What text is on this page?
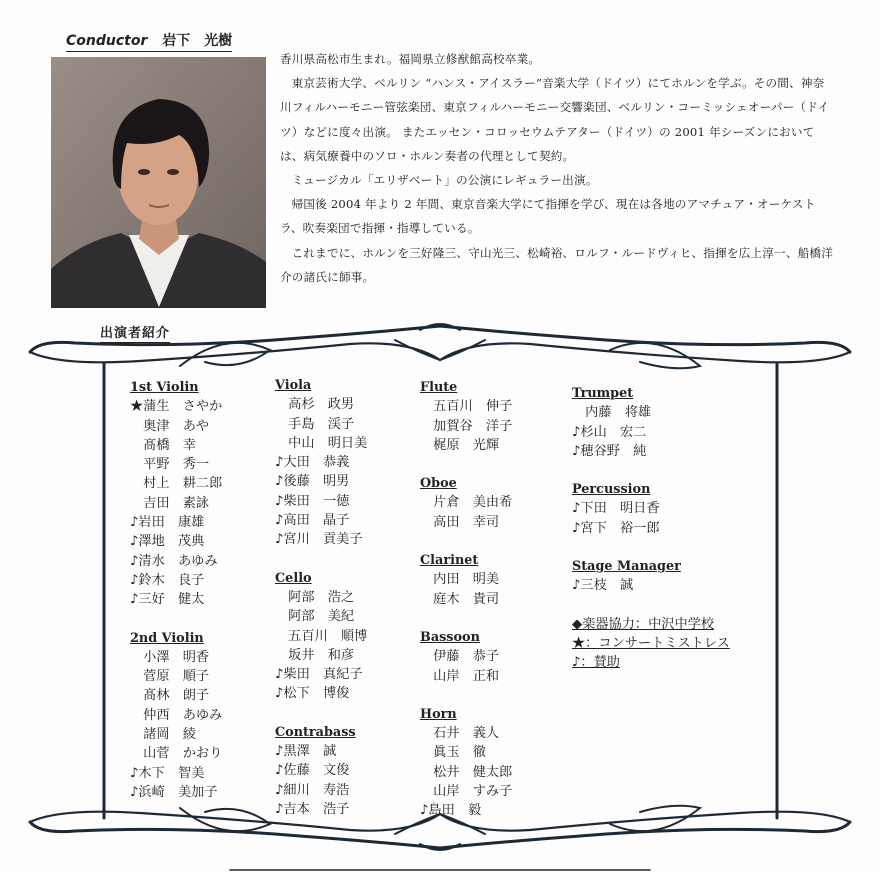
Conductor 岩下　光樹

香川県高松市生まれ。福岡県立修猷館高校卒業。

東京芸術大学、ベルリン “ハンス・アイスラー”音楽大学（ドイツ）にてホルンを学ぶ。その間、神奈川フィルハーモニー管弦楽団、東京フィルハーモニー交響楽団、ベルリン・コーミッシェオーパー（ドイツ）などに度々出演。 またエッセン・コロッセウムテアター（ドイツ）の 2001 年シーズンにおいては、病気療養中のソロ・ホルン奏者の代理として契約。

ミュージカル「エリザベート」の公演にレギュラー出演。

帰国後 2004 年より 2 年間、東京音楽大学にて指揮を学び、現在は各地のアマチュア・オーケストラ、吹奏楽団で指揮・指導している。

これまでに、ホルンを三好隆三、守山光三、松崎裕、ロルフ・ルードヴィヒ、指揮を広上淳一、船橋洋介の諸氏に師事。

出演者紹介
1st Violin
★蒲生　さやか
　奥津　あや
　髙橋　幸
　平野　秀一
　村上　耕二郎
　吉田　素詠
♪岩田　康雄
♪澤地　茂典
♪清水　あゆみ
♪鈴木　良子
♪三好　健太
2nd Violin
　小澤　明香
　菅原　順子
　髙林　朗子
　仲西　あゆみ
　諸岡　綾
　山菅　かおり
♪木下　智美
♪浜崎　美加子
Viola
　高杉　政男
　手島　渓子
　中山　明日美
♪大田　恭義
♪後藤　明男
♪柴田　一徳
♪高田　晶子
♪宮川　貢美子
Cello
　阿部　浩之
　阿部　美紀
　五百川　順博
　坂井　和彦
♪柴田　真紀子
♪松下　博俊
Contrabass
♪黒澤　誠
♪佐藤　文俊
♪細川　寿浩
♪吉本　浩子
Flute
　五百川　伸子
　加賀谷　洋子
　梶原　光輝
Oboe
　片倉　美由希
　高田　幸司
Clarinet
　内田　明美
　庭木　貴司
Bassoon
　伊藤　恭子
　山岸　正和
Horn
　石井　義人
　眞玉　徹
　松井　健太郎
　山岸　すみ子
♪島田　毅
Trumpet
　内藤　将雄
♪杉山　宏二
♪穂谷野　純
Percussion
♪下田　明日香
♪宮下　裕一郎
Stage Manager
♪三枝　誠
◆楽器協力：中沢中学校
★：コンサートミストレス
♪：賛助
